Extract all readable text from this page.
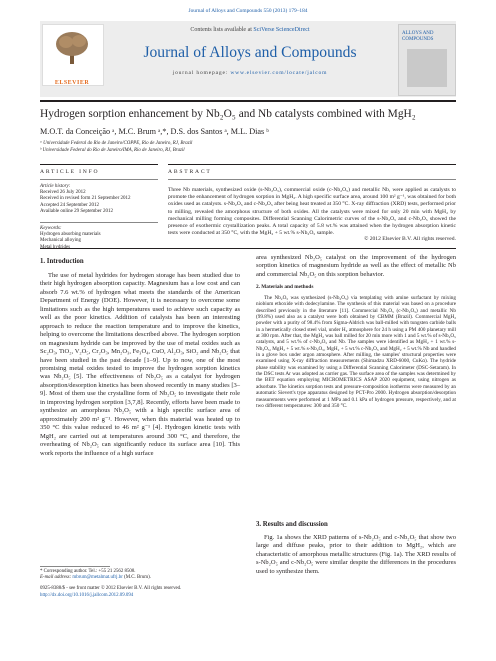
Journal of Alloys and Compounds 550 (2013) 179–184
ELSEVIER
Contents lists available at SciVerse ScienceDirect
Journal of Alloys and Compounds
journal homepage: www.elsevier.com/locate/jalcom
ALLOYS AND COMPOUNDS
Hydrogen sorption enhancement by Nb₂O₅ and Nb catalysts combined with MgH₂
M.O.T. da Conceição ᵃ, M.C. Brum ᵃ,*, D.S. dos Santos ᵃ, M.L. Dias ᵇ
ᵃ Universidade Federal do Rio de Janeiro/COPPE, Rio de Janeiro, RJ, Brazil
ᵇ Universidade Federal do Rio de Janeiro/IMA, Rio de Janeiro, RJ, Brazil
ARTICLE INFO	ABSTRACT
Article history:
Received 26 July 2012
Received in revised form 21 September 2012
Accepted 24 September 2012
Available online 29 September 2012
Keywords:
Hydrogen absorbing materials
Mechanical alloying
Three Nb materials, synthesized oxide (s-Nb₂O₅), commercial oxide (c-Nb₂O₅) and metallic Nb, were applied as catalysts to promote the enhancement of hydrogen sorption in MgH₂. A high specific surface area, around 100 m² g⁻¹, was obtained for both oxides used as catalysts. s-Nb₂O₅ and c-Nb₂O₅ after being heat treated at 350 °C. X-ray diffraction (XRD) tests, performed prior to milling, revealed the amorphous structure of both oxides. All the catalysts were mixed for only 20 min with MgH₂ by mechanical milling forming composites. Differential Scanning Calorimetric curves of the s-Nb₂O₅ and c-Nb₂O₅ showed the presence of exothermic crystallization peaks. A total capacity of 5.8 wt.% was attained when the hydrogen absorption kinetic tests were conducted at 350 °C, with the MgH₂ + 5 wt.% s-Nb₂O₅ sample.
© 2012 Elsevier B.V. All rights reserved.
1. Introduction
The use of metal hydrides for hydrogen storage has been studied due to their high hydrogen absorption capacity. Magnesium has a low cost and can absorb 7.6 wt.% of hydrogen what meets the standards of the American Department of Energy (DOE). However, it is necessary to overcome some limitations such as the high temperatures used to achieve such capacity as well as the poor kinetics. Addition of catalysts has been an interesting approach to reduce the reaction temperature and to improve the kinetics, helping to overcome the limitations described above. The hydrogen sorption on magnesium hydride can be improved by the use of metal oxides such as Sc₂O₃, TiO₂, V₂O₅, Cr₂O₃, Mn₂O₃, Fe₃O₄, CuO, Al₂O₃, SiO₂ and Nb₂O₅ that have been studied in the past decade [1–9]. Up to now, one of the most promising metal oxides tested to improve the hydrogen sorption kinetics was Nb₂O₅ [5]. The effectiveness of Nb₂O₅ as a catalyst for hydrogen absorption/desorption kinetics has been showed recently in many studies [3–9]. Most of them use the crystalline form of Nb₂O₅ to investigate their role in improving hydrogen sorption [3,7,8]. Recently, efforts have been made to synthesize an amorphous Nb₂O₅ with a high specific surface area of approximately 200 m² g⁻¹. However, when this material was heated up to 350 °C this value reduced to 46 m² g⁻¹ [4]. Hydrogen kinetic tests with MgH₂ are carried out at temperatures around 300 °C, and therefore, the overheating of Nb₂O₅ can significantly reduce its surface area [10]. This work reports the influence of a high surface
area synthesized Nb₂O₅ catalyst on the improvement of the hydrogen sorption kinetics of magnesium hydride as well as the effect of metallic Nb and commercial Nb₂O₅ on this sorption behavior.
2. Materials and methods
The Nb₂O₅ was synthesized (s-Nb₂O₅) via templating with amine surfactant by mixing niobium ethoxide with dodecylamine. The synthesis of this material was based on a procedure described previously in the literature [11]. Commercial Nb₂O₅ (c-Nb₂O₅) and metallic Nb (99.8%) used also as a catalyst were both obtained by CBMM (Brazil). Commercial MgH₂ powder with a purity of 98.4% from Sigma-Aldrich was ball-milled with tungsten carbide balls in a hermetically closed steel vial, under H₂ atmosphere for 24 h using a PM 400 planetary mill at 300 rpm. After that, the MgH₂ was ball milled for 20 min more with 1 and 5 wt.% of s-Nb₂O₅ catalysts, and 5 wt.% of c-Nb₂O₅ and Nb. The samples were identified as MgH₂ + 1 wt.% s-Nb₂O₅, MgH₂ + 5 wt.% s-Nb₂O₅, MgH₂ + 5 wt.% c-Nb₂O₅ and MgH₂ + 5 wt.% Nb and handled in a glove box under argon atmosphere. After milling, the samples' structural properties were examined using X-ray diffraction measurements (Shimadzu XRD-6000, CuKα). The hydride phase stability was examined by using a Differential Scanning Calorimeter (DSC-Setaram). In the DSC tests Ar was adopted as carrier gas. The surface area of the samples was determined by the BET equation employing MICROMETRICS ASAP 2020 equipment, using nitrogen as adsorbate. The kinetics sorption tests and pressure-composition isotherms were measured by an automatic Sievert's type apparatus designed by PCT-Pro 2000. Hydrogen absorption/desorption measurements were performed at 1 MPa and 0.1 kPa of hydrogen pressure, respectively, and at two different temperatures: 300 and 350 °C.
3. Results and discussion
Fig. 1a shows the XRD patterns of s-Nb₂O₅ and c-Nb₂O₅ that show two large and diffuse peaks, prior to their addition to MgH₂, which are characteristic of amorphous metallic structures (Fig. 1a). The XRD results of s-Nb₂O₅ and c-Nb₂O₅ were similar despite the differences in the procedures used to synthesize them.
* Corresponding author. Tel.: +55 21 2562 8508.
E-mail address: mbrum@metalmat.ufrj.br (M.C. Brum).
0925-8388/$ - see front matter © 2012 Elsevier B.V. All rights reserved.
http://dx.doi.org/10.1016/j.jallcom.2012.09.094
